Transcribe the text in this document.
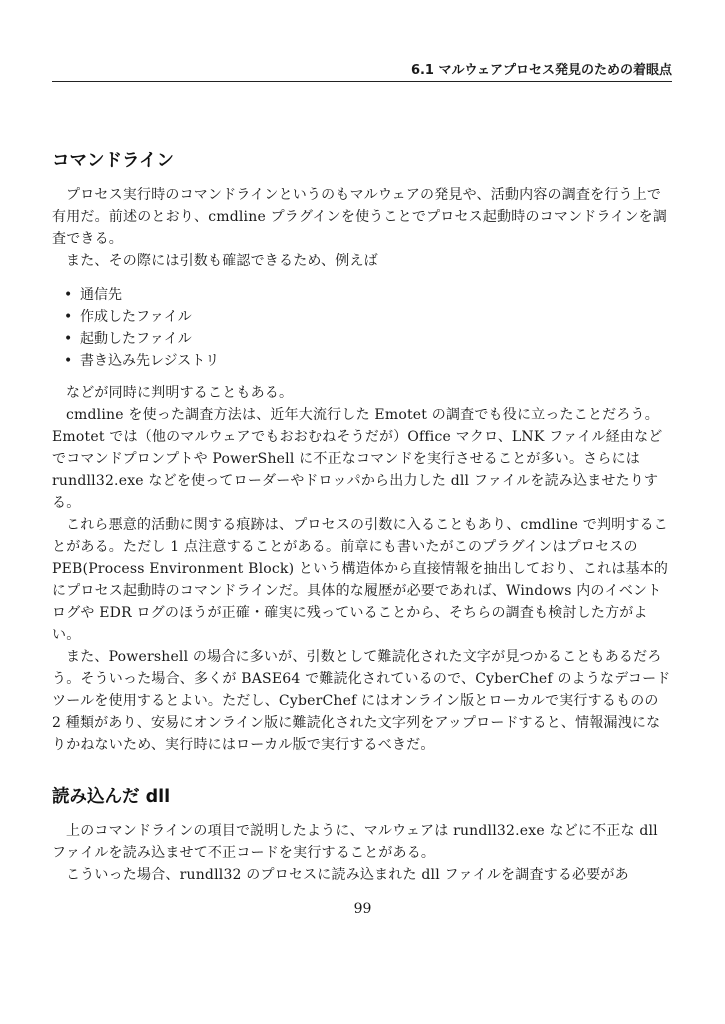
6.1 マルウェアプロセス発見のための着眼点
コマンドライン

プロセス実行時のコマンドラインというのもマルウェアの発見や、活動内容の調査を行う上で有用だ。前述のとおり、cmdline プラグインを使うことでプロセス起動時のコマンドラインを調査できる。

また、その際には引数も確認できるため、例えば

• 通信先
• 作成したファイル
• 起動したファイル
• 書き込み先レジストリ

などが同時に判明することもある。

cmdline を使った調査方法は、近年大流行した Emotet の調査でも役に立ったことだろう。Emotet では（他のマルウェアでもおおむねそうだが）Office マクロ、LNK ファイル経由などでコマンドプロンプトや PowerShell に不正なコマンドを実行させることが多い。さらには rundll32.exe などを使ってローダーやドロッパから出力した dll ファイルを読み込ませたりする。

これら悪意的活動に関する痕跡は、プロセスの引数に入ることもあり、cmdline で判明することがある。ただし 1 点注意することがある。前章にも書いたがこのプラグインはプロセスの PEB(Process Environment Block) という構造体から直接情報を抽出しており、これは基本的にプロセス起動時のコマンドラインだ。具体的な履歴が必要であれば、Windows 内のイベントログや EDR ログのほうが正確・確実に残っていることから、そちらの調査も検討した方がよい。

また、Powershell の場合に多いが、引数として難読化された文字が見つかることもあるだろう。そういった場合、多くが BASE64 で難読化されているので、CyberChef のようなデコードツールを使用するとよい。ただし、CyberChef にはオンライン版とローカルで実行するものの 2 種類があり、安易にオンライン版に難読化された文字列をアップロードすると、情報漏洩になりかねないため、実行時にはローカル版で実行するべきだ。

読み込んだ dll

上のコマンドラインの項目で説明したように、マルウェアは rundll32.exe などに不正な dll ファイルを読み込ませて不正コードを実行することがある。

こういった場合、rundll32 のプロセスに読み込まれた dll ファイルを調査する必要があ

99
